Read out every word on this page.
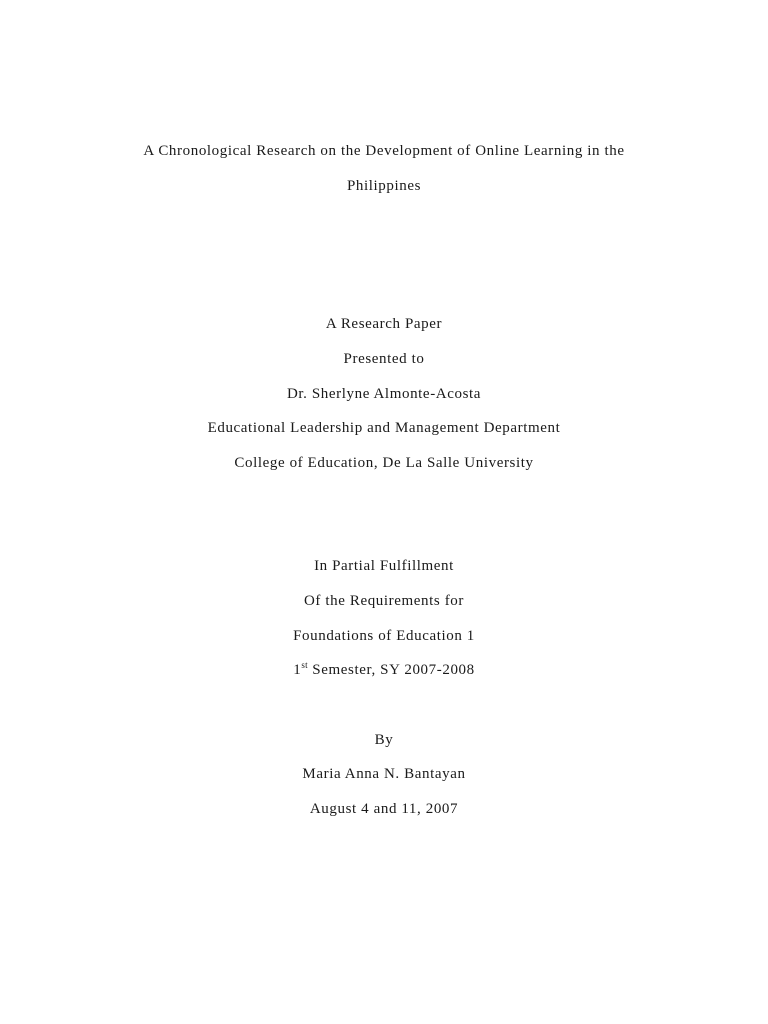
A Chronological Research on the Development of Online Learning in the
Philippines
A Research Paper
Presented to
Dr. Sherlyne Almonte-Acosta
Educational Leadership and Management Department
College of Education, De La Salle University
In Partial Fulfillment
Of the Requirements for
Foundations of Education 1
1st Semester, SY 2007-2008
By
Maria Anna N. Bantayan
August 4 and 11, 2007
